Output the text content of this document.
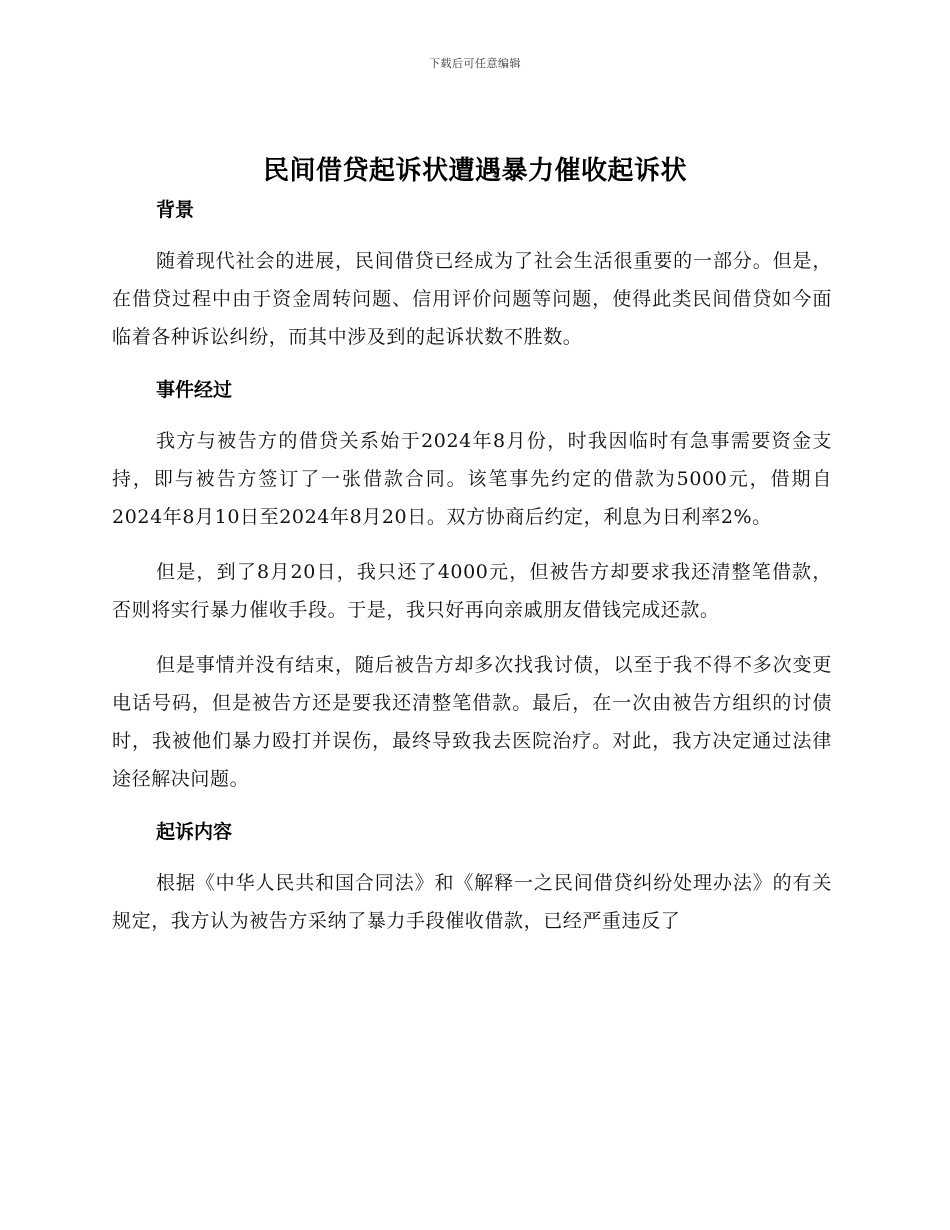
下载后可任意编辑
民间借贷起诉状遭遇暴力催收起诉状
背景

随着现代社会的进展，民间借贷已经成为了社会生活很重要的一部分。但是，在借贷过程中由于资金周转问题、信用评价问题等问题，使得此类民间借贷如今面临着各种诉讼纠纷，而其中涉及到的起诉状数不胜数。

事件经过

我方与被告方的借贷关系始于2024年8月份，时我因临时有急事需要资金支持，即与被告方签订了一张借款合同。该笔事先约定的借款为5000元，借期自2024年8月10日至2024年8月20日。双方协商后约定，利息为日利率2%。

但是，到了8月20日，我只还了4000元，但被告方却要求我还清整笔借款，否则将实行暴力催收手段。于是，我只好再向亲戚朋友借钱完成还款。

但是事情并没有结束，随后被告方却多次找我讨债，以至于我不得不多次变更电话号码，但是被告方还是要我还清整笔借款。最后，在一次由被告方组织的讨债时，我被他们暴力殴打并误伤，最终导致我去医院治疗。对此，我方决定通过法律途径解决问题。

起诉内容

根据《中华人民共和国合同法》和《解释一之民间借贷纠纷处理办法》的有关规定，我方认为被告方采纳了暴力手段催收借款，已经严重违反了
